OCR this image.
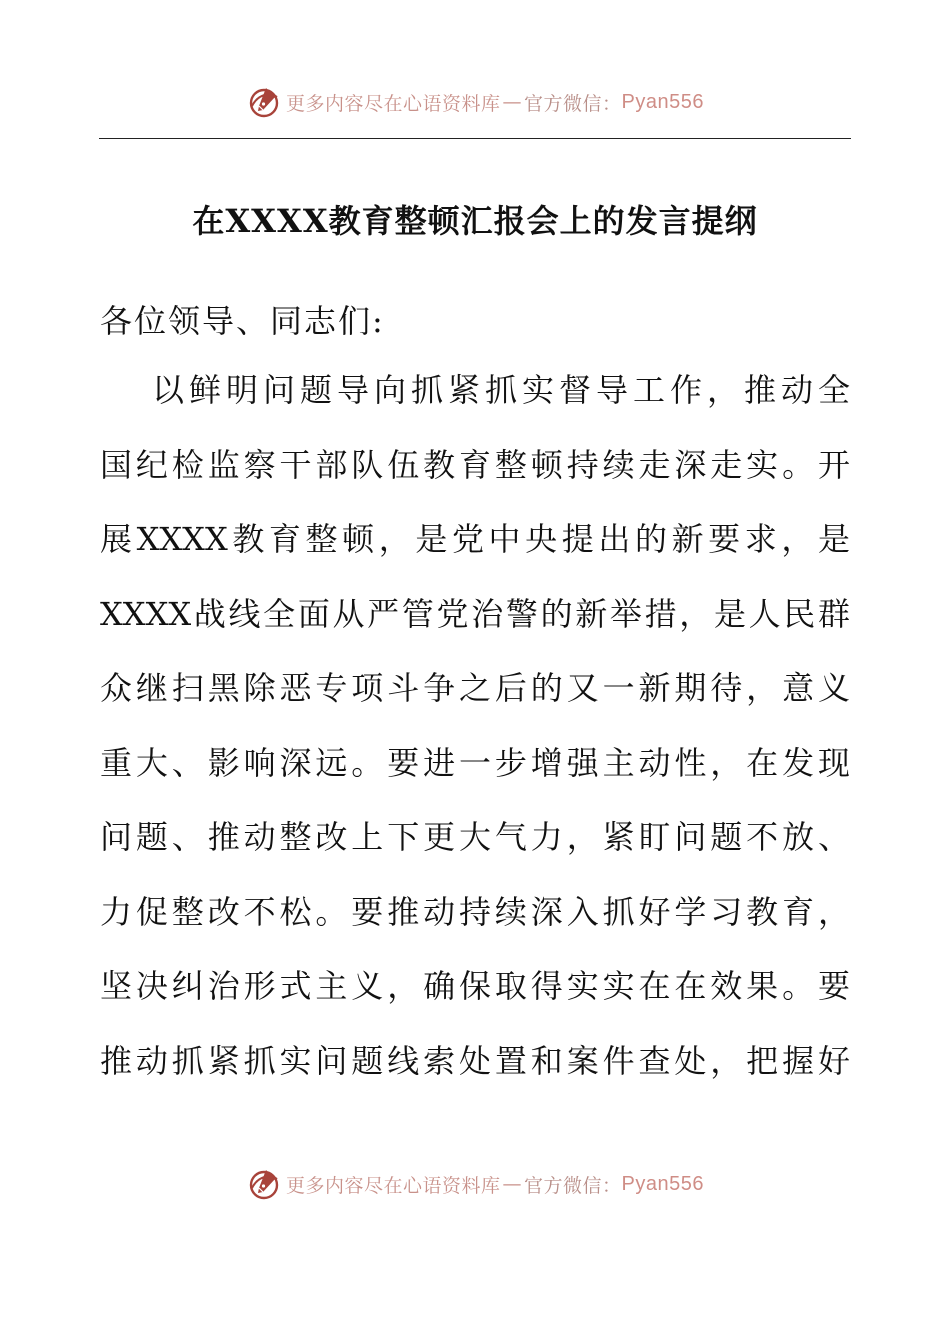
更多内容尽在心语资料库 — 官方微信： Pyan556
在XXXX教育整顿汇报会上的发言提纲
各位领导、同志们:
以鲜明问题导向抓紧抓实督导工作，推动全
国纪检监察干部队伍教育整顿持续走深走实。开
展XXXX教育整顿，是党中央提出的新要求，是
XXXX战线全面从严管党治警的新举措，是人民群
众继扫黑除恶专项斗争之后的又一新期待，意义
重大、影响深远。要进一步增强主动性，在发现
问题、推动整改上下更大气力，紧盯问题不放、
力促整改不松。要推动持续深入抓好学习教育，
坚决纠治形式主义，确保取得实实在在效果。要
推动抓紧抓实问题线索处置和案件查处，把握好
更多内容尽在心语资料库 — 官方微信： Pyan556
